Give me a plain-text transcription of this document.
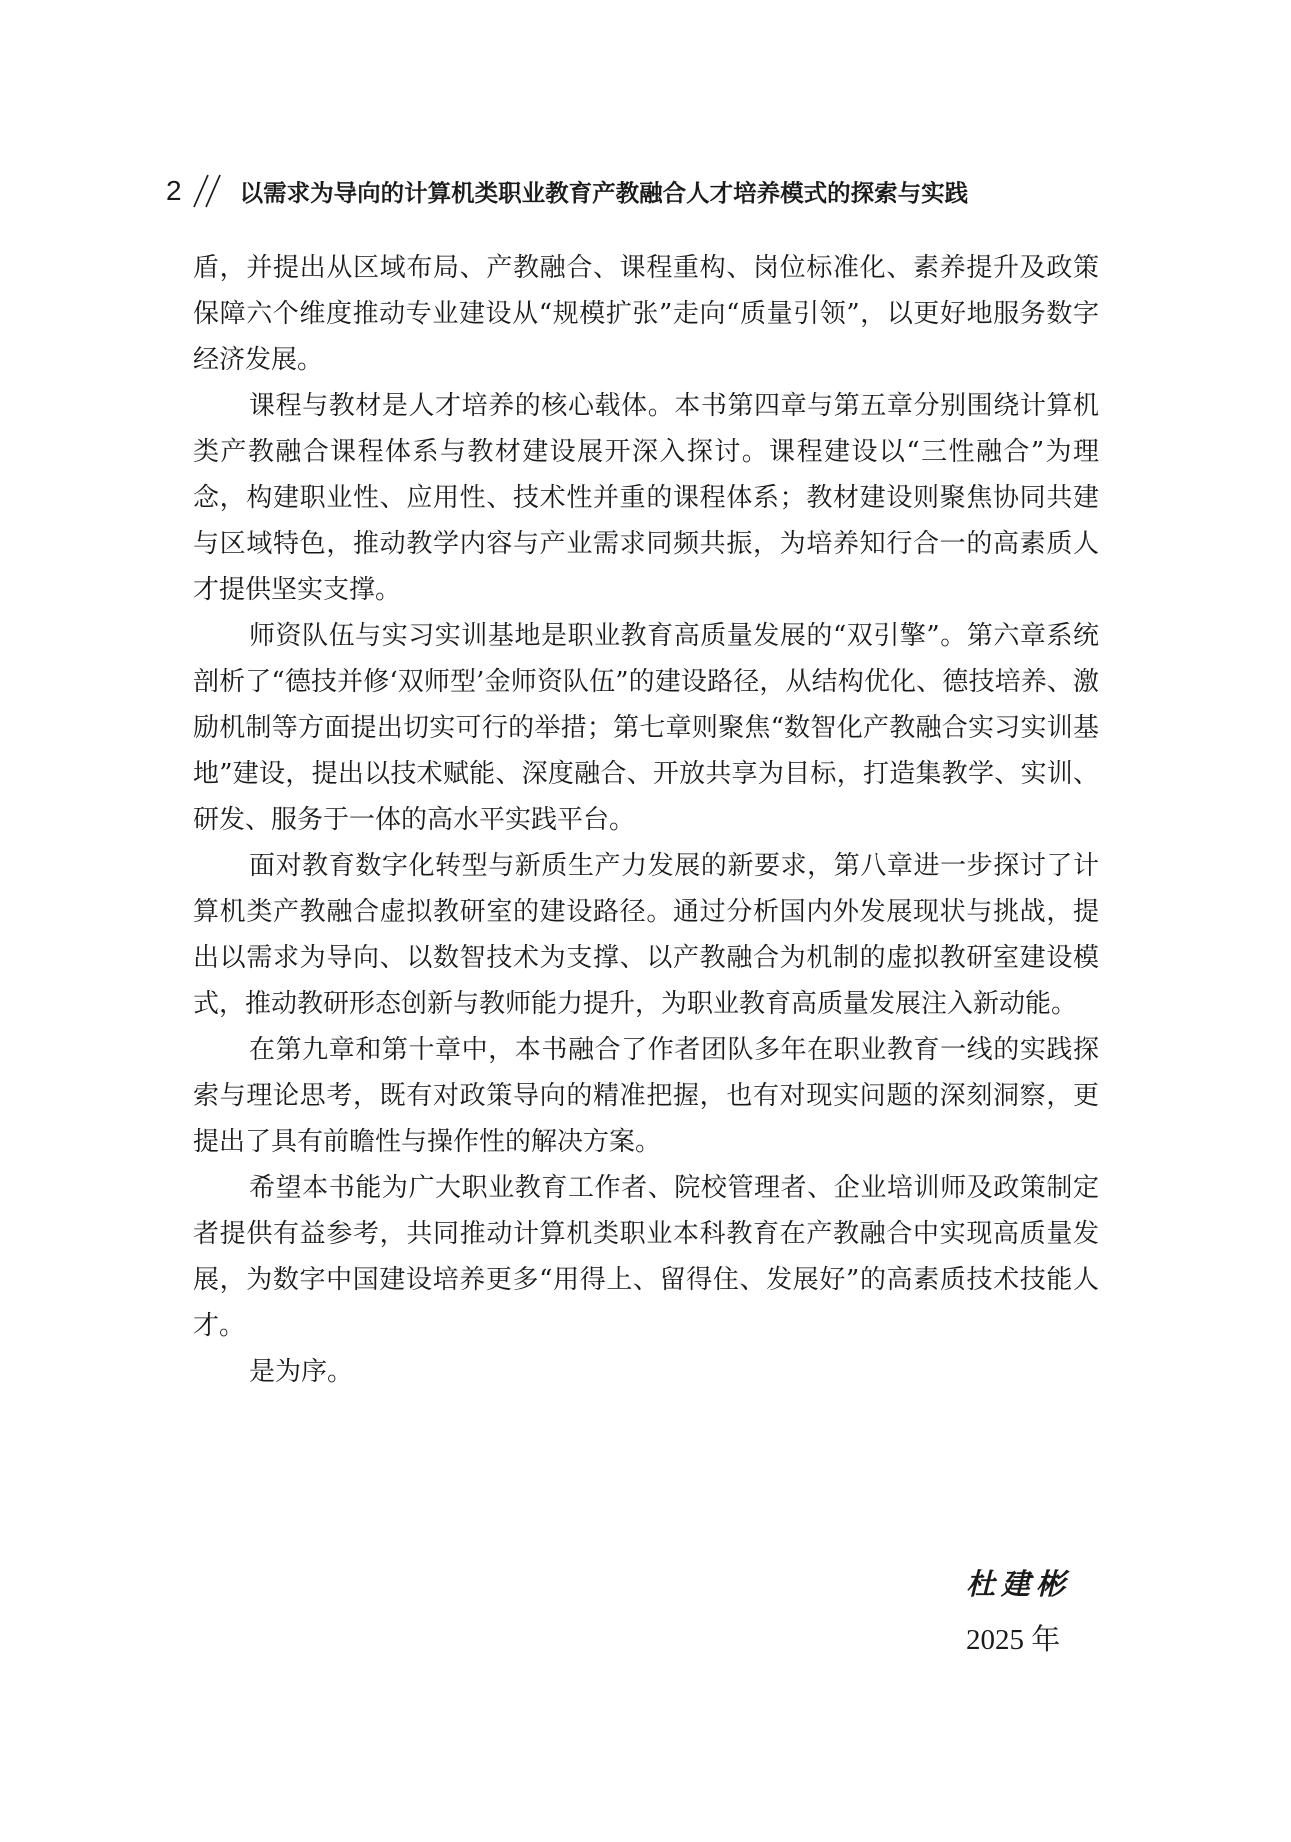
2 以需求为导向的计算机类职业教育产教融合人才培养模式的探索与实践

盾，并提出从区域布局、产教融合、课程重构、岗位标准化、素养提升及政策保障六个维度推动专业建设从“规模扩张”走向“质量引领”，以更好地服务数字经济发展。

课程与教材是人才培养的核心载体。本书第四章与第五章分别围绕计算机类产教融合课程体系与教材建设展开深入探讨。课程建设以“三性融合”为理念，构建职业性、应用性、技术性并重的课程体系；教材建设则聚焦协同共建与区域特色，推动教学内容与产业需求同频共振，为培养知行合一的高素质人才提供坚实支撑。

师资队伍与实习实训基地是职业教育高质量发展的“双引擎”。第六章系统剖析了“德技并修‘双师型’金师资队伍”的建设路径，从结构优化、德技培养、激励机制等方面提出切实可行的举措；第七章则聚焦“数智化产教融合实习实训基地”建设，提出以技术赋能、深度融合、开放共享为目标，打造集教学、实训、研发、服务于一体的高水平实践平台。

面对教育数字化转型与新质生产力发展的新要求，第八章进一步探讨了计算机类产教融合虚拟教研室的建设路径。通过分析国内外发展现状与挑战，提出以需求为导向、以数智技术为支撑、以产教融合为机制的虚拟教研室建设模式，推动教研形态创新与教师能力提升，为职业教育高质量发展注入新动能。

在第九章和第十章中，本书融合了作者团队多年在职业教育一线的实践探索与理论思考，既有对政策导向的精准把握，也有对现实问题的深刻洞察，更提出了具有前瞻性与操作性的解决方案。

希望本书能为广大职业教育工作者、院校管理者、企业培训师及政策制定者提供有益参考，共同推动计算机类职业本科教育在产教融合中实现高质量发展，为数字中国建设培养更多“用得上、留得住、发展好”的高素质技术技能人才。

是为序。

杜建彬
2025 年
